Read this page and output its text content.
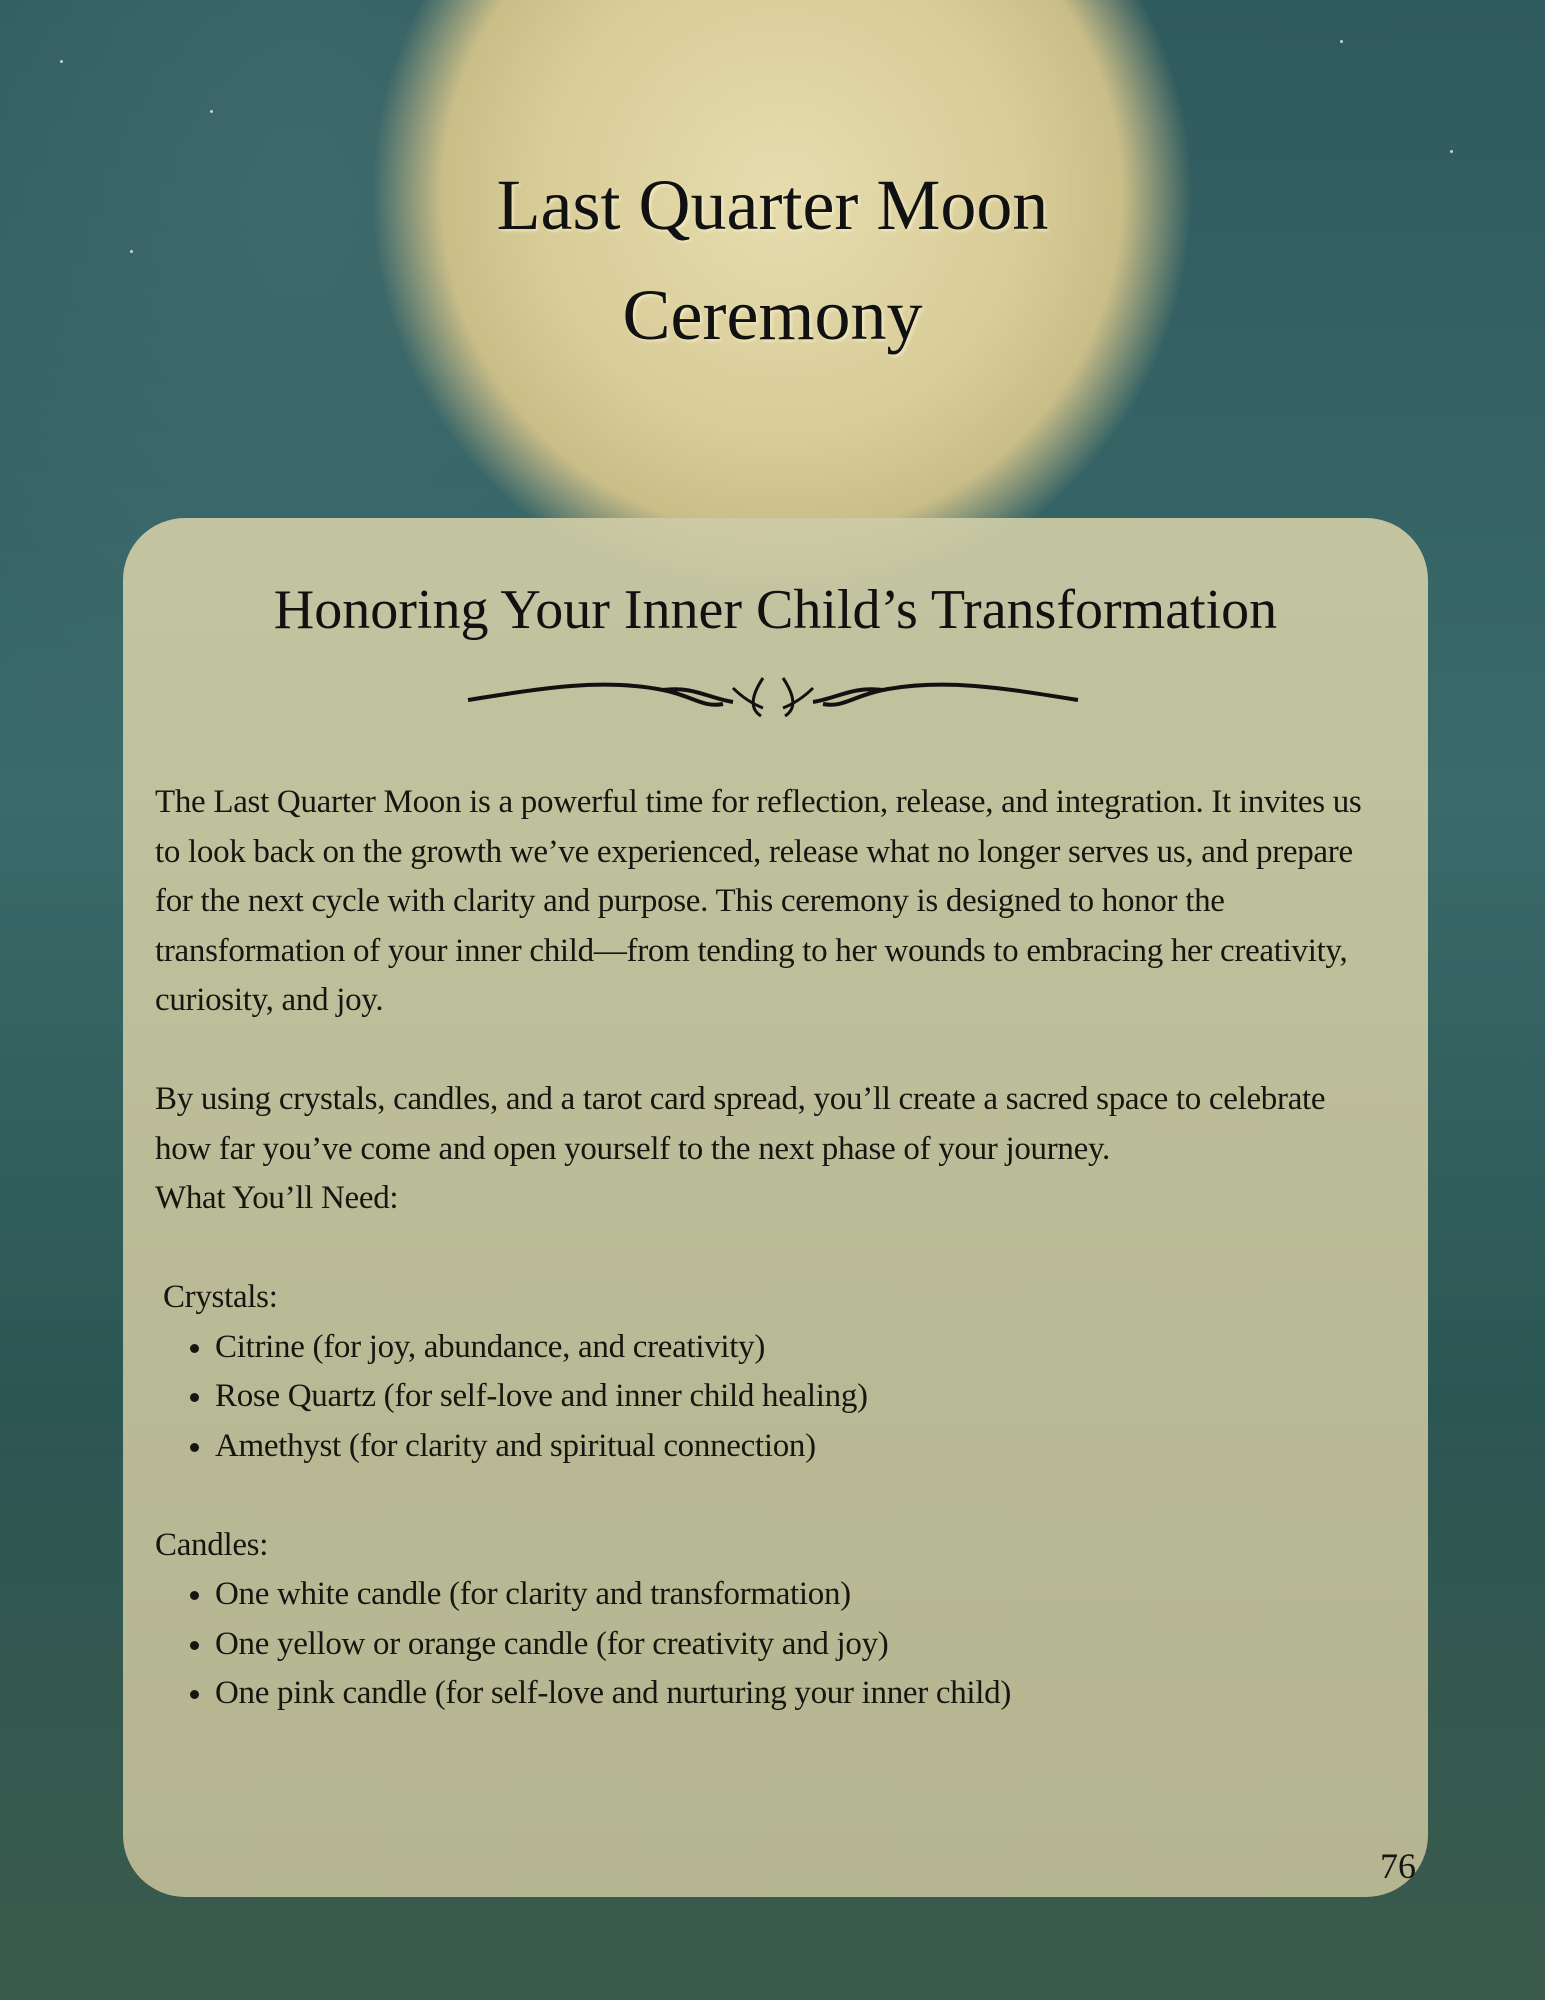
Last Quarter Moon
Ceremony
Honoring Your Inner Child’s Transformation

The Last Quarter Moon is a powerful time for reflection, release, and integration. It invites us to look back on the growth we’ve experienced, release what no longer serves us, and prepare for the next cycle with clarity and purpose. This ceremony is designed to honor the transformation of your inner child—from tending to her wounds to embracing her creativity, curiosity, and joy.

By using crystals, candles, and a tarot card spread, you’ll create a sacred space to celebrate how far you’ve come and open yourself to the next phase of your journey.

What You’ll Need:

Crystals:

• Citrine (for joy, abundance, and creativity)
• Rose Quartz (for self-love and inner child healing)
• Amethyst (for clarity and spiritual connection)

Candles:

• One white candle (for clarity and transformation)
• One yellow or orange candle (for creativity and joy)
• One pink candle (for self-love and nurturing your inner child)
76
